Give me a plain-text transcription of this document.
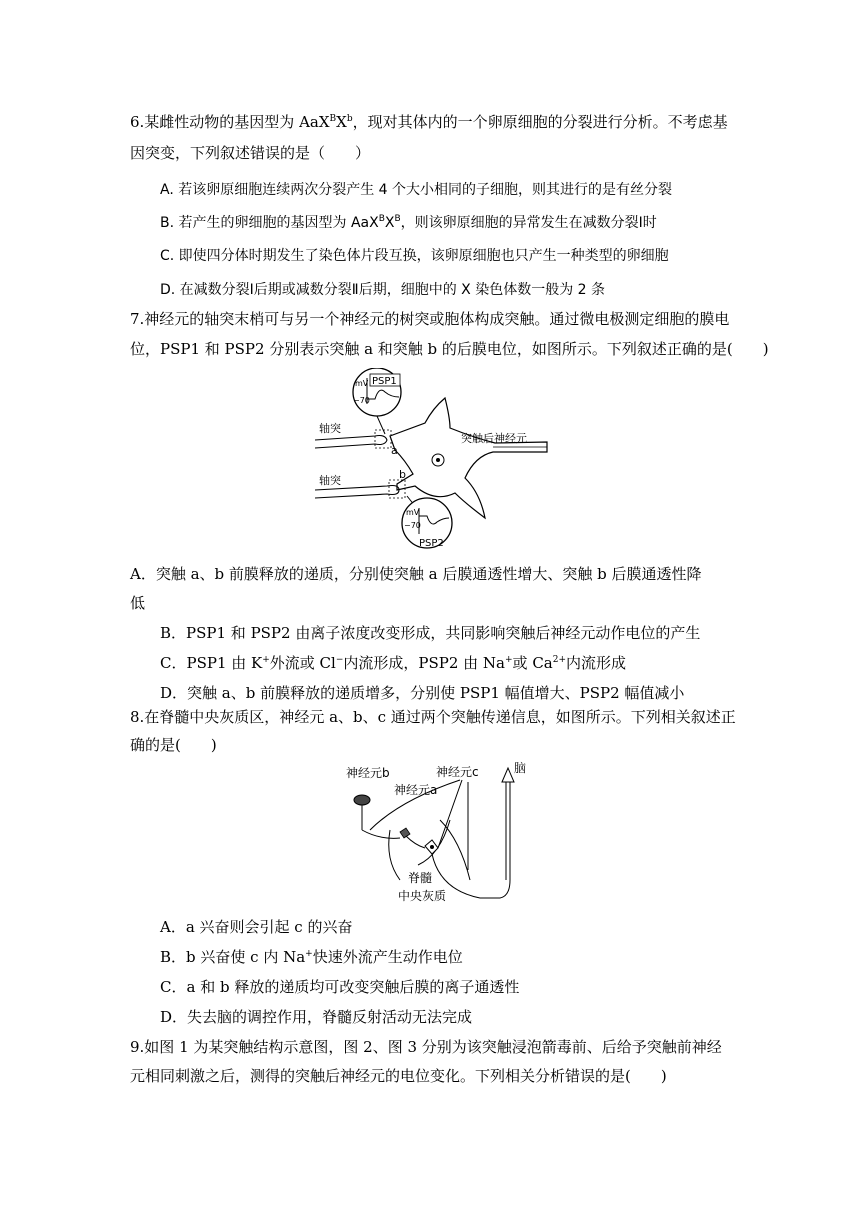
6.某雌性动物的基因型为 $AaX^BX^b$，现对其体内的一个卵原细胞的分裂进行分析。不考虑基
因突变，下列叙述错误的是（　　）
A. 若该卵原细胞连续两次分裂产生 4 个大小相同的子细胞，则其进行的是有丝分裂
B. 若产生的卵细胞的基因型为 $AaX^BX^B$，则该卵原细胞的异常发生在减数分裂Ⅰ时
C. 即使四分体时期发生了染色体片段互换，该卵原细胞也只产生一种类型的卵细胞
D. 在减数分裂Ⅰ后期或减数分裂Ⅱ后期，细胞中的 X 染色体数一般为 2 条
7.神经元的轴突末梢可与另一个神经元的树突或胞体构成突触。通过微电极测定细胞的膜电
位，PSP1 和 PSP2 分别表示突触 a 和突触 b 的后膜电位，如图所示。下列叙述正确的是(　　)
mV
−70
PSP1
轴突
轴突
a
b
突触后神经元
mV
−70
PSP2
A．突触 a、b 前膜释放的递质，分别使突触 a 后膜通透性增大、突触 b 后膜通透性降
低
B．PSP1 和 PSP2 由离子浓度改变形成，共同影响突触后神经元动作电位的产生
C．PSP1 由 K+外流或 Cl−内流形成，PSP2 由 Na+或 $Ca^{2+}$内流形成
D．突触 a、b 前膜释放的递质增多，分别使 PSP1 幅值增大、PSP2 幅值减小
8.在脊髓中央灰质区，神经元 a、b、c 通过两个突触传递信息，如图所示。下列相关叙述正
确的是(　　)
神经元b	神经元c
神经元a
脑
脊髓
中央灰质
A．a 兴奋则会引起 c 的兴奋
B．b 兴奋使 c 内 Na+快速外流产生动作电位
C．a 和 b 释放的递质均可改变突触后膜的离子通透性
D．失去脑的调控作用，脊髓反射活动无法完成
9.如图 1 为某突触结构示意图，图 2、图 3 分别为该突触浸泡箭毒前、后给予突触前神经
元相同刺激之后，测得的突触后神经元的电位变化。下列相关分析错误的是(　　)
